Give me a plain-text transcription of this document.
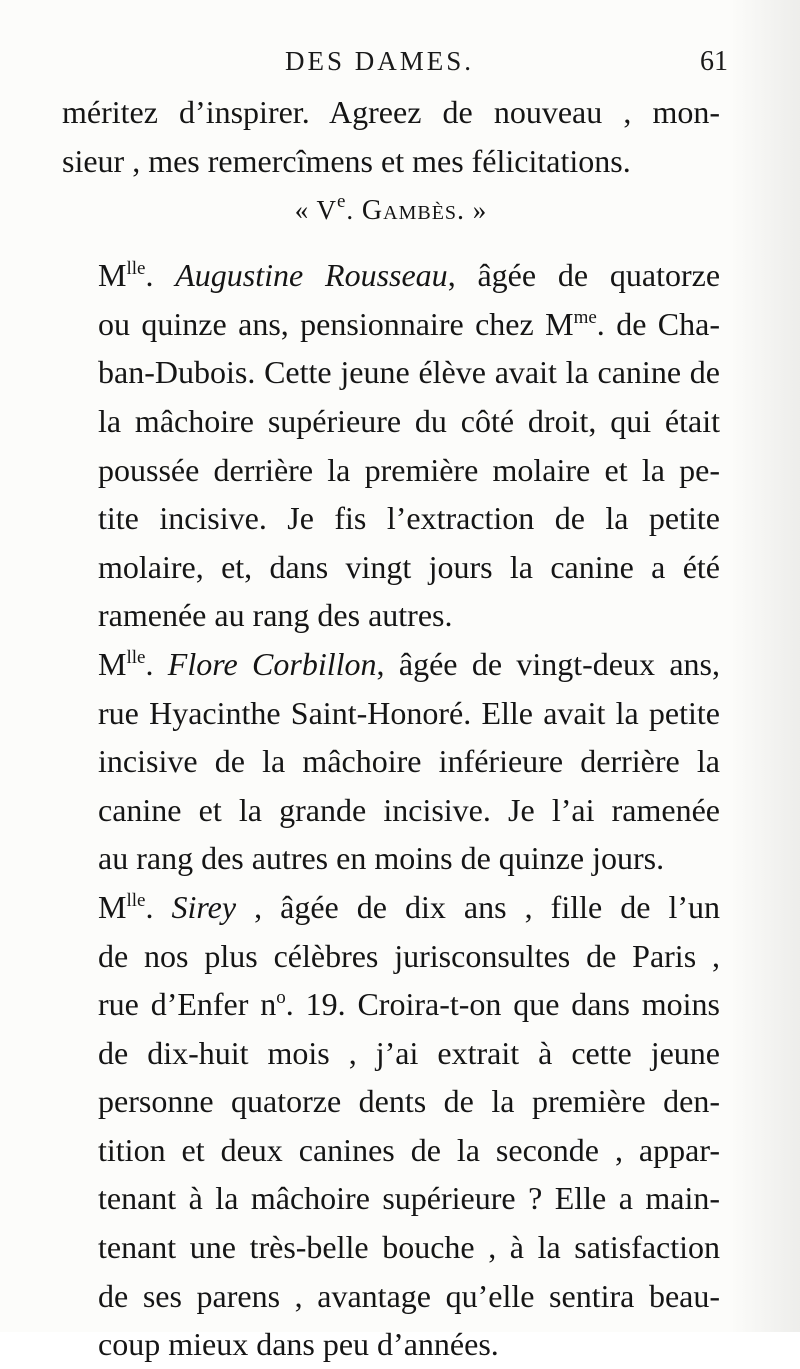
DES DAMES.	61

méritez d’inspirer. Agreez de nouveau , mon-
sieur , mes remercîmens et mes félicitations.

« Ve. Gambès. »

$M^{lle}$. Augustine Rousseau, âgée de quatorze
ou quinze ans, pensionnaire chez $M^{me}$. de Cha-
ban-Dubois. Cette jeune élève avait la canine de
la mâchoire supérieure du côté droit, qui était
poussée derrière la première molaire et la pe-
tite incisive. Je fis l’extraction de la petite
molaire, et, dans vingt jours la canine a été
ramenée au rang des autres.

$M^{lle}$. Flore Corbillon, âgée de vingt-deux ans,
rue Hyacinthe Saint-Honoré. Elle avait la petite
incisive de la mâchoire inférieure derrière la
canine et la grande incisive. Je l’ai ramenée
au rang des autres en moins de quinze jours.

$M^{lle}$. Sirey , âgée de dix ans , fille de l’un
de nos plus célèbres jurisconsultes de Paris ,
rue d’Enfer $n^o$. 19. Croira-t-on que dans moins
de dix-huit mois , j’ai extrait à cette jeune
personne quatorze dents de la première den-
tition et deux canines de la seconde , appar-
tenant à la mâchoire supérieure ? Elle a main-
tenant une très-belle bouche , à la satisfaction
de ses parens , avantage qu’elle sentira beau-
coup mieux dans peu d’années.
